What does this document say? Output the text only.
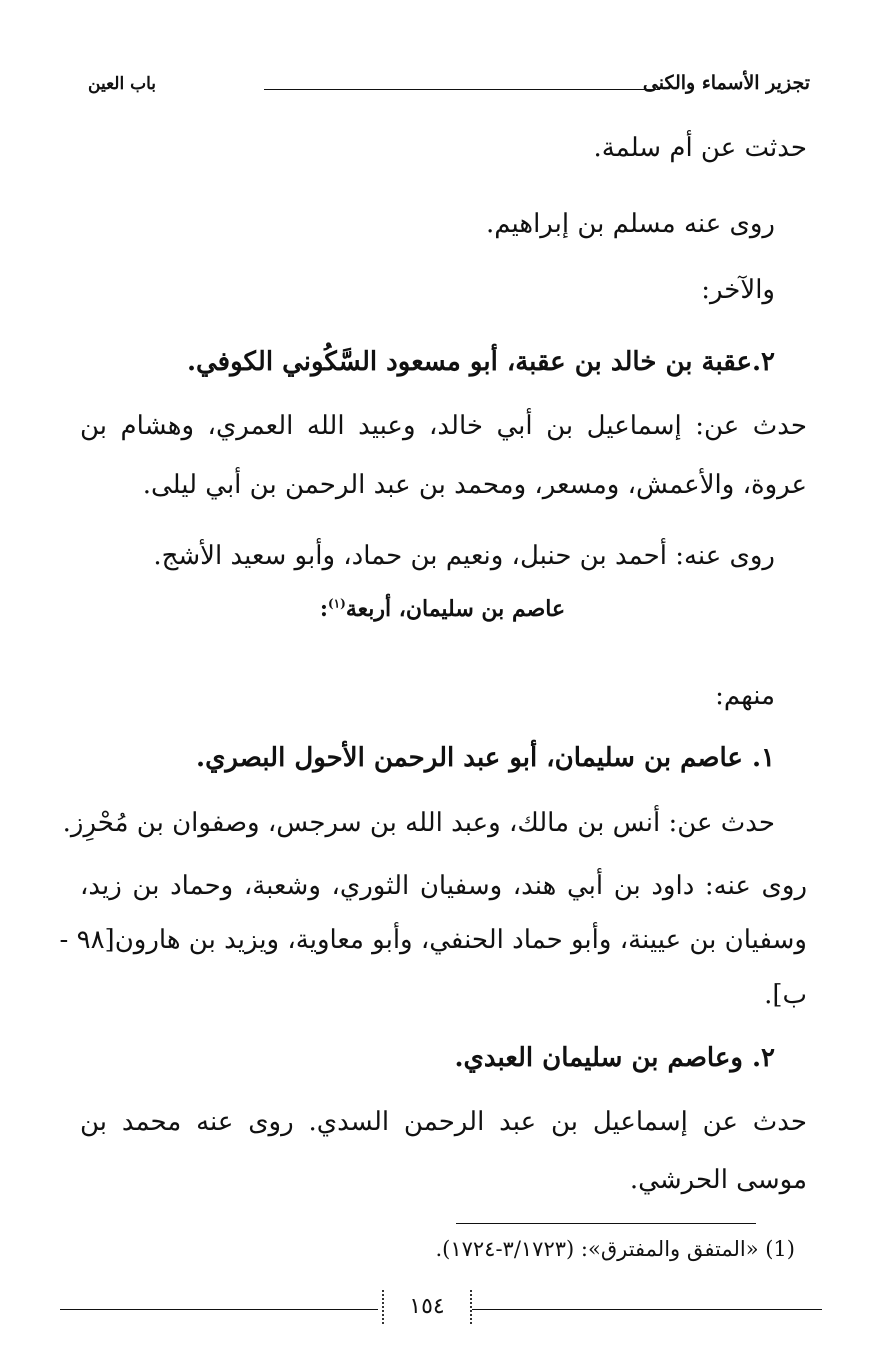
تجزير الأسماء والكنى
باب العين
حدثت عن أم سلمة.
روى عنه مسلم بن إبراهيم.
والآخر:
٢.عقبة بن خالد بن عقبة، أبو مسعود السَّكُوني الكوفي.
حدث عن: إسماعيل بن أبي خالد، وعبيد الله العمري، وهشام بن
عروة، والأعمش، ومسعر، ومحمد بن عبد الرحمن بن أبي ليلى.
روى عنه: أحمد بن حنبل، ونعيم بن حماد، وأبو سعيد الأشج.
عاصم بن سليمان، أربعة$^{(١)}$:
منهم:
١. عاصم بن سليمان، أبو عبد الرحمن الأحول البصري.
حدث عن: أنس بن مالك، وعبد الله بن سرجس، وصفوان بن مُحْرِز.
روى عنه: داود بن أبي هند، وسفيان الثوري، وشعبة، وحماد بن زيد،
وسفيان بن عيينة، وأبو حماد الحنفي، وأبو معاوية، ويزيد بن هارون[٩٨ -
ب].
٢. وعاصم بن سليمان العبدي.
حدث عن إسماعيل بن عبد الرحمن السدي. روى عنه محمد بن
موسى الحرشي.
(1) «المتفق والمفترق»: (٣/١٧٢٣-١٧٢٤).
١٥٤
